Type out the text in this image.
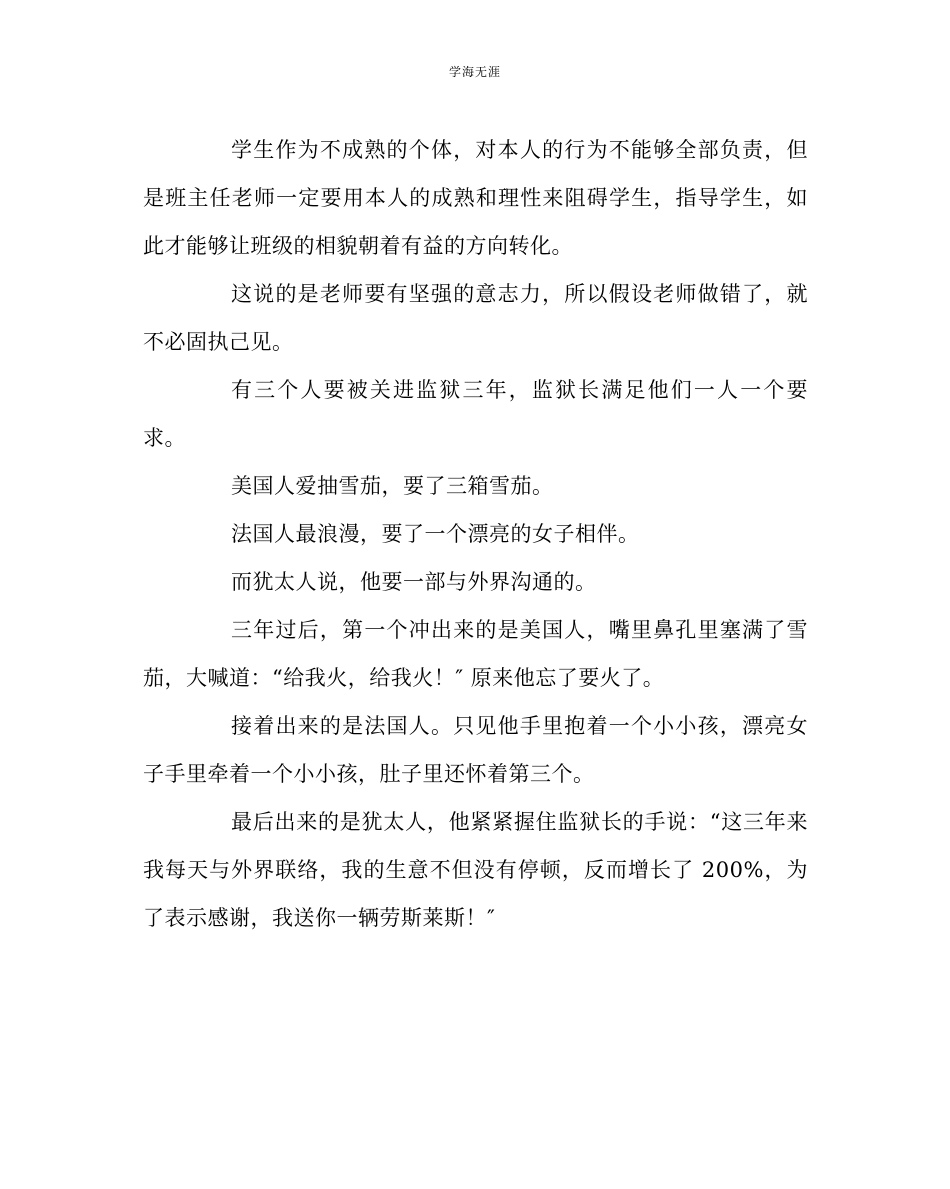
学海无涯

学生作为不成熟的个体，对本人的行为不能够全部负责，但是班主任老师一定要用本人的成熟和理性来阻碍学生，指导学生，如此才能够让班级的相貌朝着有益的方向转化。

这说的是老师要有坚强的意志力，所以假设老师做错了，就不必固执己见。

有三个人要被关进监狱三年，监狱长满足他们一人一个要求。

美国人爱抽雪茄，要了三箱雪茄。

法国人最浪漫，要了一个漂亮的女子相伴。

而犹太人说，他要一部与外界沟通的。

三年过后，第一个冲出来的是美国人，嘴里鼻孔里塞满了雪茄，大喊道：“给我火，给我火！″ 原来他忘了要火了。

接着出来的是法国人。只见他手里抱着一个小小孩，漂亮女子手里牵着一个小小孩，肚子里还怀着第三个。

最后出来的是犹太人，他紧紧握住监狱长的手说：“这三年来我每天与外界联络，我的生意不但没有停顿，反而增长了 200%，为了表示感谢，我送你一辆劳斯莱斯！″
